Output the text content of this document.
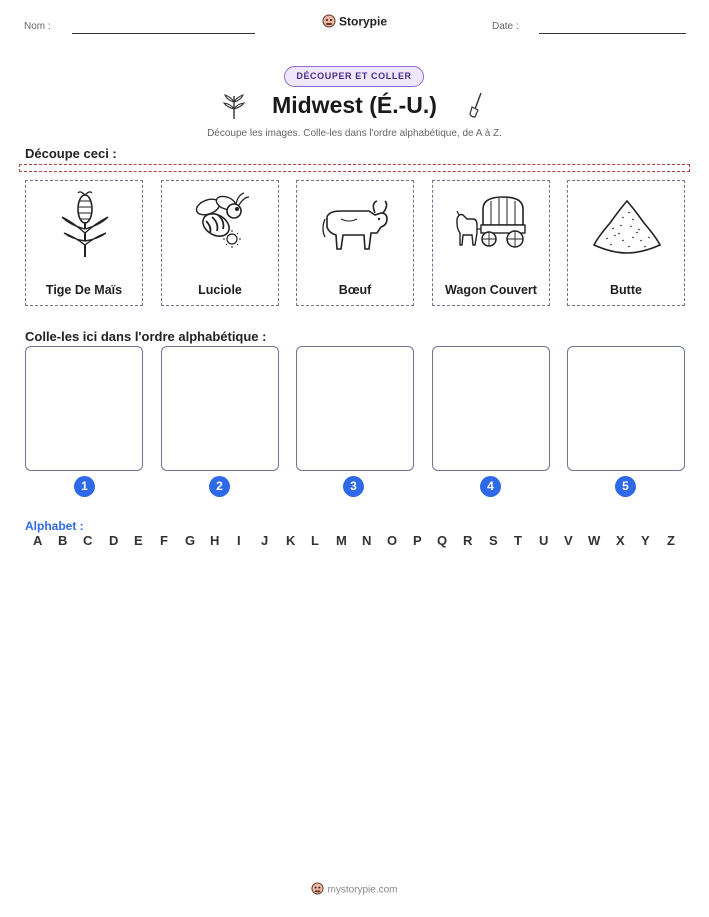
Nom :	Storypie	Date :
DÉCOUPER ET COLLER
Midwest (É.-U.)
Découpe les images. Colle-les dans l'ordre alphabétique, de A à Z.
Découpe ceci :
Tige De Maïs	Luciole	Bœuf	Wagon Couvert	Butte
Colle-les ici dans l'ordre alphabétique :
1	2	3	4	5
Alphabet :
A B C D E F G H I J K L M N O P Q R S T U V W X Y Z
mystorypie.com
